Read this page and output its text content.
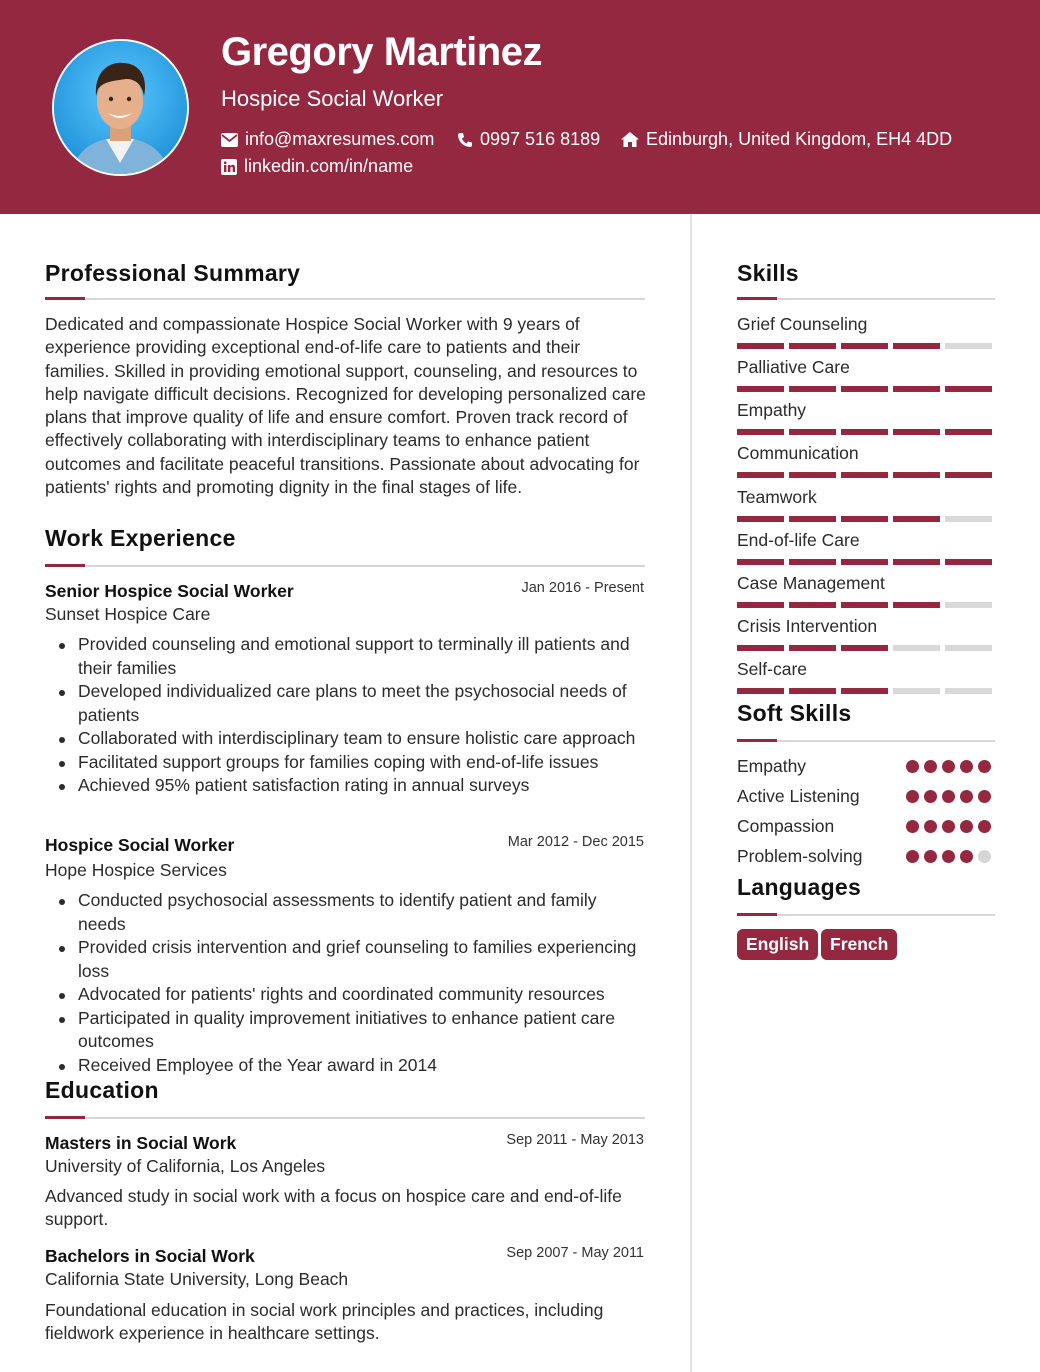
Gregory Martinez
Hospice Social Worker
info@maxresumes.com	0997 516 8189	Edinburgh, United Kingdom, EH4 4DD
linkedin.com/in/name
Professional Summary
Dedicated and compassionate Hospice Social Worker with 9 years of experience providing exceptional end-of-life care to patients and their families. Skilled in providing emotional support, counseling, and resources to help navigate difficult decisions. Recognized for developing personalized care plans that improve quality of life and ensure comfort. Proven track record of effectively collaborating with interdisciplinary teams to enhance patient outcomes and facilitate peaceful transitions. Passionate about advocating for patients' rights and promoting dignity in the final stages of life.
Work Experience
Senior Hospice Social Worker	Jan 2016 - Present
Sunset Hospice Care
Provided counseling and emotional support to terminally ill patients and their families
Developed individualized care plans to meet the psychosocial needs of patients
Collaborated with interdisciplinary team to ensure holistic care approach
Facilitated support groups for families coping with end-of-life issues
Achieved 95% patient satisfaction rating in annual surveys
Hospice Social Worker	Mar 2012 - Dec 2015
Hope Hospice Services
Conducted psychosocial assessments to identify patient and family needs
Provided crisis intervention and grief counseling to families experiencing loss
Advocated for patients' rights and coordinated community resources
Participated in quality improvement initiatives to enhance patient care outcomes
Received Employee of the Year award in 2014
Education
Masters in Social Work	Sep 2011 - May 2013
University of California, Los Angeles
Advanced study in social work with a focus on hospice care and end-of-life support.
Bachelors in Social Work	Sep 2007 - May 2011
California State University, Long Beach
Foundational education in social work principles and practices, including fieldwork experience in healthcare settings.
Skills
Grief Counseling
Palliative Care
Empathy
Communication
Teamwork
End-of-life Care
Case Management
Crisis Intervention
Self-care
Soft Skills
Empathy
Active Listening
Compassion
Problem-solving
Languages
English	French
